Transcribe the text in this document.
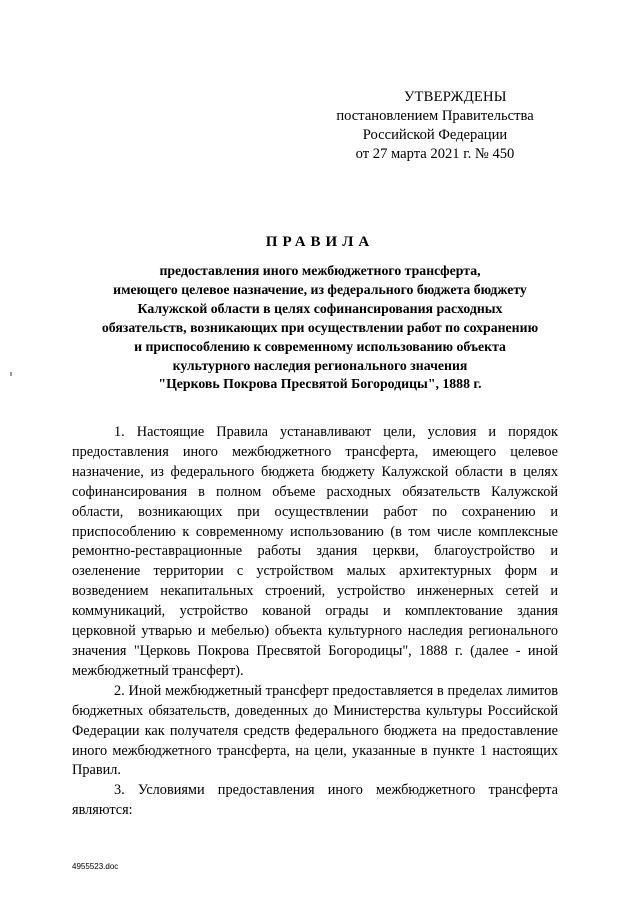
УТВЕРЖДЕНЫ
постановлением Правительства
Российской Федерации
от 27 марта 2021 г. № 450
ПРАВИЛА
предоставления иного межбюджетного трансферта,
имеющего целевое назначение, из федерального бюджета бюджету
Калужской области в целях софинансирования расходных
обязательств, возникающих при осуществлении работ по сохранению
и приспособлению к современному использованию объекта
культурного наследия регионального значения
"Церковь Покрова Пресвятой Богородицы", 1888 г.

1. Настоящие Правила устанавливают цели, условия и порядок предоставления иного межбюджетного трансферта, имеющего целевое назначение, из федерального бюджета бюджету Калужской области в целях софинансирования в полном объеме расходных обязательств Калужской области, возникающих при осуществлении работ по сохранению и приспособлению к современному использованию (в том числе комплексные ремонтно-реставрационные работы здания церкви, благоустройство и озеленение территории с устройством малых архитектурных форм и возведением некапитальных строений, устройство инженерных сетей и коммуникаций, устройство кованой ограды и комплектование здания церковной утварью и мебелью) объекта культурного наследия регионального значения "Церковь Покрова Пресвятой Богородицы", 1888 г. (далее - иной межбюджетный трансферт).

2. Иной межбюджетный трансферт предоставляется в пределах лимитов бюджетных обязательств, доведенных до Министерства культуры Российской Федерации как получателя средств федерального бюджета на предоставление иного межбюджетного трансферта, на цели, указанные в пункте 1 настоящих Правил.

3. Условиями предоставления иного межбюджетного трансферта являются:

4955523.doc
